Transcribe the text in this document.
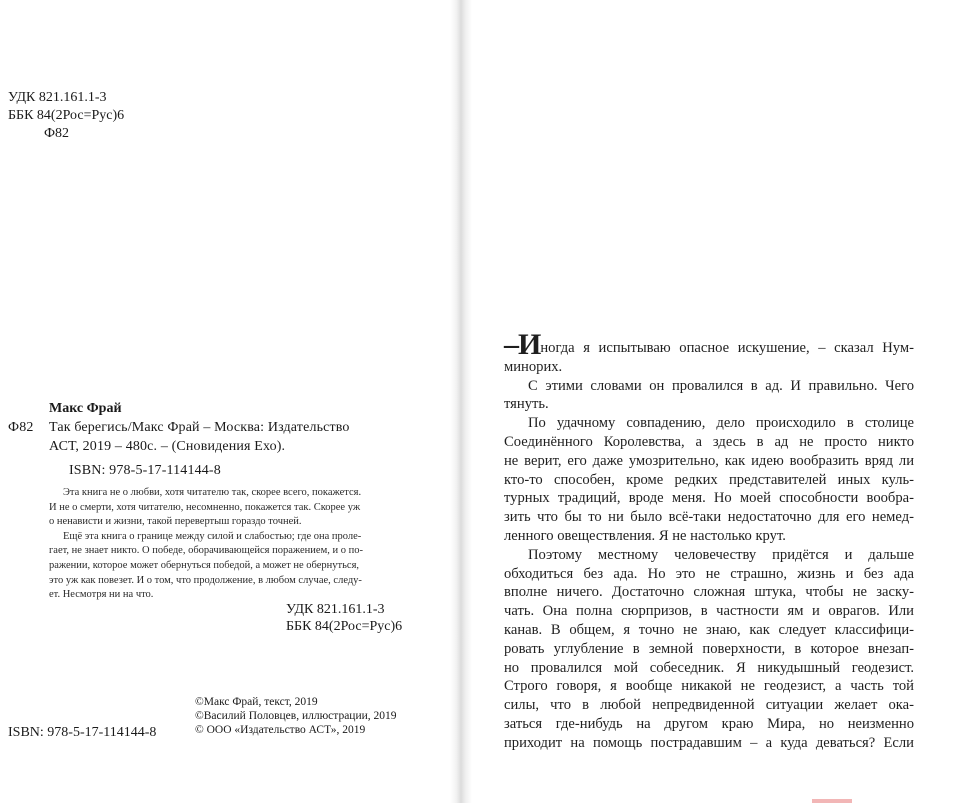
УДК 821.161.1-3
ББК 84(2Рос=Рус)6
Ф82
Макс Фрай
Ф82 Так берегись/Макс Фрай – Москва: Издательство
АСТ, 2019 – 480с. – (Сновидения Ехо).
ISBN: 978-5-17-114144-8

Эта книга не о любви, хотя читателю так, скорее всего, покажется.

И не о смерти, хотя читателю, несомненно, покажется так. Скорее уж

о ненависти и жизни, такой перевертыш гораздо точней.

Ещё эта книга о границе между силой и слабостью; где она проле-

гает, не знает никто. О победе, оборачивающейся поражением, и о по-

ражении, которое может обернуться победой, а может не обернуться,

это уж как повезет. И о том, что продолжение, в любом случае, следу-

ет. Несмотря ни на что.

УДК 821.161.1-3
ББК 84(2Рос=Рус)6
ISBN: 978-5-17-114144-8
©Макс Фрай, текст, 2019
©Василий Половцев, иллюстрации, 2019
© ООО «Издательство АСТ», 2019
–Иногда я испытываю опасное искушение, – сказал Нум-
минорих.
С этими словами он провалился в ад. И правильно. Чего
тянуть.
По удачному совпадению, дело происходило в столице
Соединённого Королевства, а здесь в ад не просто никто
не верит, его даже умозрительно, как идею вообразить вряд ли
кто-то способен, кроме редких представителей иных куль-
турных традиций, вроде меня. Но моей способности вообра-
зить что бы то ни было всё-таки недостаточно для его немед-
ленного овеществления. Я не настолько крут.
Поэтому местному человечеству придётся и дальше
обходиться без ада. Но это не страшно, жизнь и без ада
вполне ничего. Достаточно сложная штука, чтобы не заску-
чать. Она полна сюрпризов, в частности ям и оврагов. Или
канав. В общем, я точно не знаю, как следует классифици-
ровать углубление в земной поверхности, в которое внезап-
но провалился мой собеседник. Я никудышный геодезист.
Строго говоря, я вообще никакой не геодезист, а часть той
силы, что в любой непредвиденной ситуации желает ока-
заться где-нибудь на другом краю Мира, но неизменно
приходит на помощь пострадавшим – а куда деваться? Если
